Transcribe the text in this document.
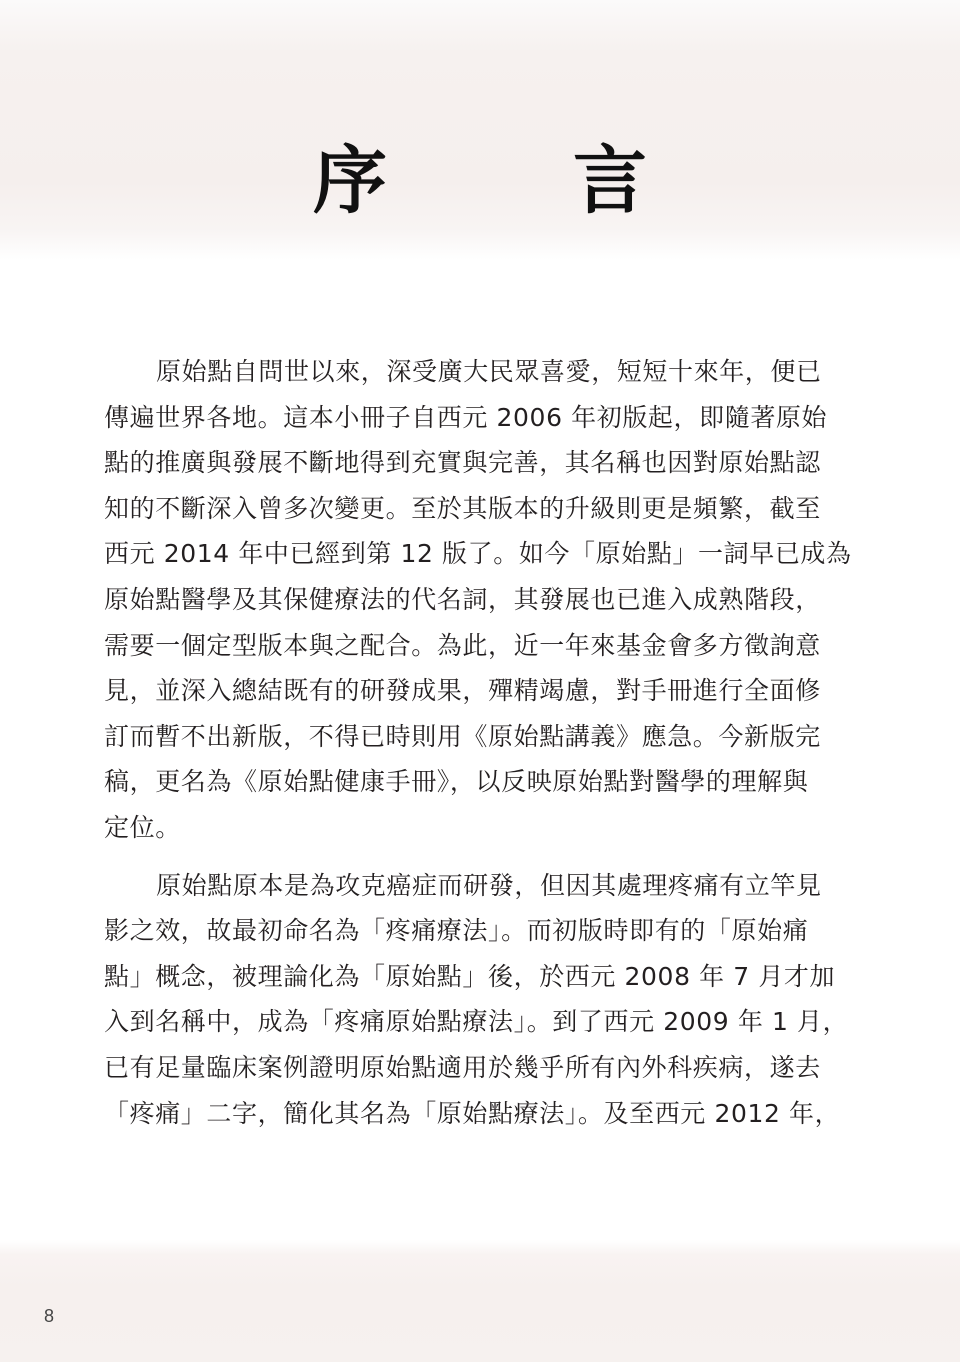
序　言

原始點自問世以來，深受廣大民眾喜愛，短短十來年，便已
傳遍世界各地。這本小冊子自西元 2006 年初版起，即隨著原始
點的推廣與發展不斷地得到充實與完善，其名稱也因對原始點認
知的不斷深入曾多次變更。至於其版本的升級則更是頻繁，截至
西元 2014 年中已經到第 12 版了。如今「原始點」一詞早已成為
原始點醫學及其保健療法的代名詞，其發展也已進入成熟階段，
需要一個定型版本與之配合。為此，近一年來基金會多方徵詢意
見，並深入總結既有的研發成果，殫精竭慮，對手冊進行全面修
訂而暫不出新版，不得已時則用《原始點講義》應急。今新版完
稿，更名為《原始點健康手冊》，以反映原始點對醫學的理解與
定位。

原始點原本是為攻克癌症而研發，但因其處理疼痛有立竿見
影之效，故最初命名為「疼痛療法」。而初版時即有的「原始痛
點」概念，被理論化為「原始點」後，於西元 2008 年 7 月才加
入到名稱中，成為「疼痛原始點療法」。到了西元 2009 年 1 月，
已有足量臨床案例證明原始點適用於幾乎所有內外科疾病，遂去
「疼痛」二字，簡化其名為「原始點療法」。及至西元 2012 年，

8
